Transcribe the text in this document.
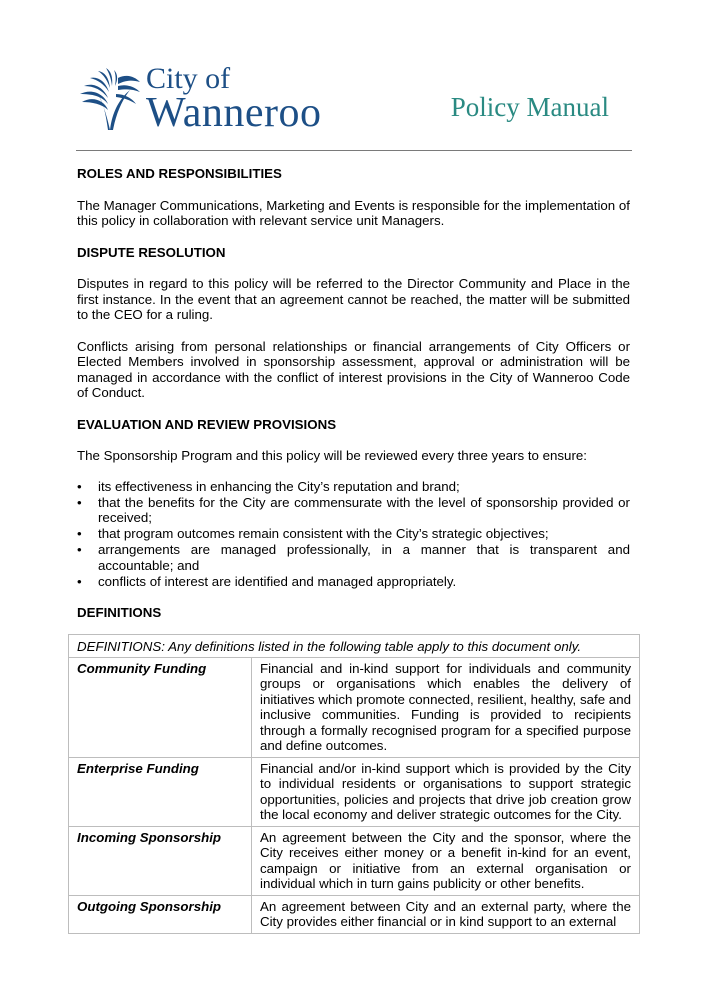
City of
Wanneroo	Policy Manual
ROLES AND RESPONSIBILITIES

The Manager Communications, Marketing and Events is responsible for the implementation of this policy in collaboration with relevant service unit Managers.

DISPUTE RESOLUTION

Disputes in regard to this policy will be referred to the Director Community and Place in the first instance. In the event that an agreement cannot be reached, the matter will be submitted to the CEO for a ruling.

Conflicts arising from personal relationships or financial arrangements of City Officers or Elected Members involved in sponsorship assessment, approval or administration will be managed in accordance with the conflict of interest provisions in the City of Wanneroo Code of Conduct.

EVALUATION AND REVIEW PROVISIONS

The Sponsorship Program and this policy will be reviewed every three years to ensure:

• its effectiveness in enhancing the City’s reputation and brand;
• that the benefits for the City are commensurate with the level of sponsorship provided or received;
• that program outcomes remain consistent with the City’s strategic objectives;
• arrangements are managed professionally, in a manner that is transparent and accountable; and
• conflicts of interest are identified and managed appropriately.
DEFINITIONS
DEFINITIONS: Any definitions listed in the following table apply to this document only.
Community Funding	Financial and in-kind support for individuals and community groups or organisations which enables the delivery of initiatives which promote connected, resilient, healthy, safe and inclusive communities. Funding is provided to recipients through a formally recognised program for a specified purpose and define outcomes.
Enterprise Funding	Financial and/or in-kind support which is provided by the City to individual residents or organisations to support strategic opportunities, policies and projects that drive job creation grow the local economy and deliver strategic outcomes for the City.
Incoming Sponsorship	An agreement between the City and the sponsor, where the City receives either money or a benefit in-kind for an event, campaign or initiative from an external organisation or individual which in turn gains publicity or other benefits.
Outgoing Sponsorship	An agreement between City and an external party, where the City provides either financial or in kind support to an external
